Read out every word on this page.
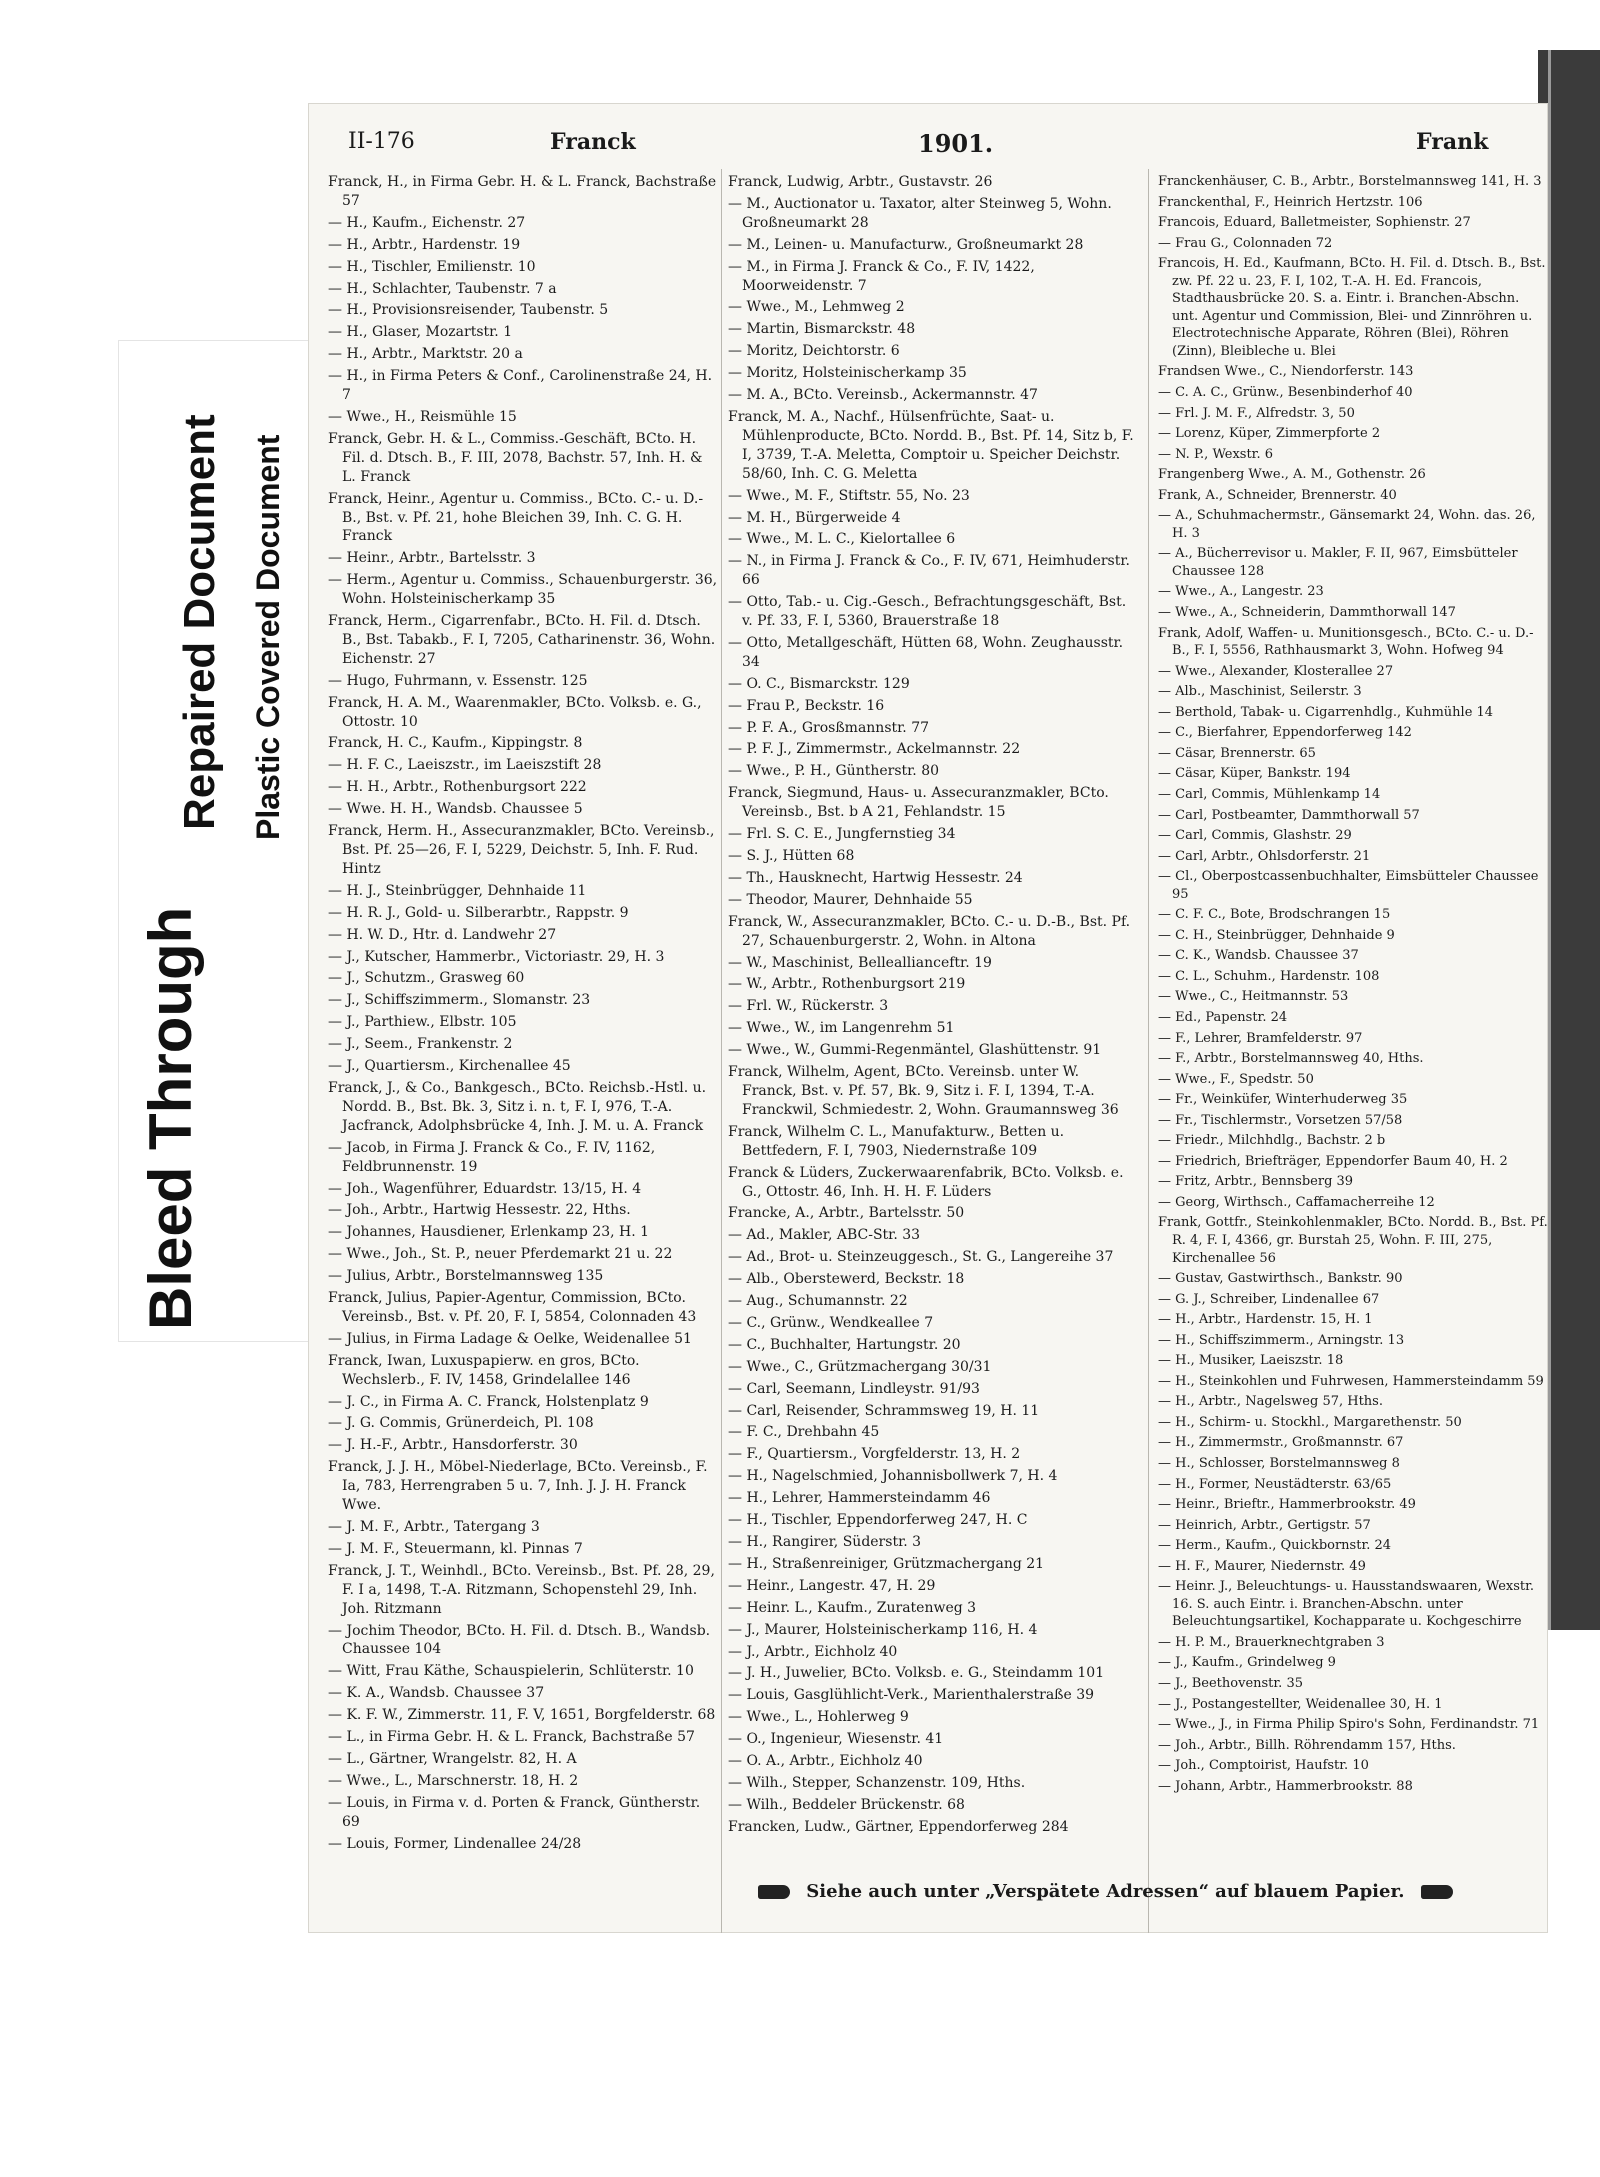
Bleed Through
Repaired Document Plastic Covered Document
II-176	Franck	1901.	Frank
Franck, H., in Firma Gebr. H. & L. Franck, Bachstraße 57
— H., Kaufm., Eichenstr. 27
— H., Arbtr., Hardenstr. 19
— H., Tischler, Emilienstr. 10
— H., Schlachter, Taubenstr. 7 a
— H., Provisionsreisender, Taubenstr. 5
— H., Glaser, Mozartstr. 1
— H., Arbtr., Marktstr. 20 a
— H., in Firma Peters & Conf., Carolinenstraße 24, H. 7
— Wwe., H., Reismühle 15
Franck, Gebr. H. & L., Commiss.-Geschäft, BCto. H. Fil. d. Dtsch. B., F. III, 2078, Bachstr. 57, Inh. H. & L. Franck
Franck, Heinr., Agentur u. Commiss., BCto. C.- u. D.-B., Bst. v. Pf. 21, hohe Bleichen 39, Inh. C. G. H. Franck
— Heinr., Arbtr., Bartelsstr. 3
— Herm., Agentur u. Commiss., Schauenburgerstr. 36, Wohn. Holsteinischerkamp 35
Franck, Herm., Cigarrenfabr., BCto. H. Fil. d. Dtsch. B., Bst. Tabakb., F. I, 7205, Catharinenstr. 36, Wohn. Eichenstr. 27
— Hugo, Fuhrmann, v. Essenstr. 125
Franck, H. A. M., Waarenmakler, BCto. Volksb. e. G., Ottostr. 10
Franck, H. C., Kaufm., Kippingstr. 8
— H. F. C., Laeiszstr., im Laeiszstift 28
— H. H., Arbtr., Rothenburgsort 222
— Wwe. H. H., Wandsb. Chaussee 5
Franck, Herm. H., Assecuranzmakler, BCto. Vereinsb., Bst. Pf. 25—26, F. I, 5229, Deichstr. 5, Inh. F. Rud. Hintz
— H. J., Steinbrügger, Dehnhaide 11
— H. R. J., Gold- u. Silberarbtr., Rappstr. 9
— H. W. D., Htr. d. Landwehr 27
— J., Kutscher, Hammerbr., Victoriastr. 29, H. 3
— J., Schutzm., Grasweg 60
— J., Schiffszimmerm., Slomanstr. 23
— J., Parthiew., Elbstr. 105
— J., Seem., Frankenstr. 2
— J., Quartiersm., Kirchenallee 45
Franck, J., & Co., Bankgesch., BCto. Reichsb.-Hstl. u. Nordd. B., Bst. Bk. 3, Sitz i. n. t, F. I, 976, T.-A. Jacfranck, Adolphsbrücke 4, Inh. J. M. u. A. Franck
— Jacob, in Firma J. Franck & Co., F. IV, 1162, Feldbrunnenstr. 19
— Joh., Wagenführer, Eduardstr. 13/15, H. 4
— Joh., Arbtr., Hartwig Hessestr. 22, Hths.
— Johannes, Hausdiener, Erlenkamp 23, H. 1
— Wwe., Joh., St. P., neuer Pferdemarkt 21 u. 22
— Julius, Arbtr., Borstelmannsweg 135
Franck, Julius, Papier-Agentur, Commission, BCto. Vereinsb., Bst. v. Pf. 20, F. I, 5854, Colonnaden 43
— Julius, in Firma Ladage & Oelke, Weidenallee 51
Franck, Iwan, Luxuspapierw. en gros, BCto. Wechslerb., F. IV, 1458, Grindelallee 146
— J. C., in Firma A. C. Franck, Holstenplatz 9
— J. G. Commis, Grünerdeich, Pl. 108
— J. H.-F., Arbtr., Hansdorferstr. 30
Franck, J. J. H., Möbel-Niederlage, BCto. Vereinsb., F. Ia, 783, Herrengraben 5 u. 7, Inh. J. J. H. Franck Wwe.
— J. M. F., Arbtr., Tatergang 3
— J. M. F., Steuermann, kl. Pinnas 7
Franck, J. T., Weinhdl., BCto. Vereinsb., Bst. Pf. 28, 29, F. I a, 1498, T.-A. Ritzmann, Schopenstehl 29, Inh. Joh. Ritzmann
— Jochim Theodor, BCto. H. Fil. d. Dtsch. B., Wandsb. Chaussee 104
— Witt, Frau Käthe, Schauspielerin, Schlüterstr. 10
— K. A., Wandsb. Chaussee 37
— K. F. W., Zimmerstr. 11, F. V, 1651, Borgfelderstr. 68
— L., in Firma Gebr. H. & L. Franck, Bachstraße 57
— L., Gärtner, Wrangelstr. 82, H. A
— Wwe., L., Marschnerstr. 18, H. 2
— Louis, in Firma v. d. Porten & Franck, Güntherstr. 69
— Louis, Former, Lindenallee 24/28
Franck, Ludwig, Arbtr., Gustavstr. 26
— M., Auctionator u. Taxator, alter Steinweg 5, Wohn. Großneumarkt 28
— M., Leinen- u. Manufacturw., Großneumarkt 28
— M., in Firma J. Franck & Co., F. IV, 1422, Moorweidenstr. 7
— Wwe., M., Lehmweg 2
— Martin, Bismarckstr. 48
— Moritz, Deichtorstr. 6
— Moritz, Holsteinischerkamp 35
— M. A., BCto. Vereinsb., Ackermannstr. 47
Franck, M. A., Nachf., Hülsenfrüchte, Saat- u. Mühlenproducte, BCto. Nordd. B., Bst. Pf. 14, Sitz b, F. I, 3739, T.-A. Meletta, Comptoir u. Speicher Deichstr. 58/60, Inh. C. G. Meletta
— Wwe., M. F., Stiftstr. 55, No. 23
— M. H., Bürgerweide 4
— Wwe., M. L. C., Kielortallee 6
— N., in Firma J. Franck & Co., F. IV, 671, Heimhuderstr. 66
— Otto, Tab.- u. Cig.-Gesch., Befrachtungsgeschäft, Bst. v. Pf. 33, F. I, 5360, Brauerstraße 18
— Otto, Metallgeschäft, Hütten 68, Wohn. Zeughausstr. 34
— O. C., Bismarckstr. 129
— Frau P., Beckstr. 16
— P. F. A., Grosßmannstr. 77
— P. F. J., Zimmermstr., Ackelmannstr. 22
— Wwe., P. H., Güntherstr. 80
Franck, Siegmund, Haus- u. Assecuranzmakler, BCto. Vereinsb., Bst. b A 21, Fehlandstr. 15
— Frl. S. C. E., Jungfernstieg 34
— S. J., Hütten 68
— Th., Hausknecht, Hartwig Hessestr. 24
— Theodor, Maurer, Dehnhaide 55
Franck, W., Assecuranzmakler, BCto. C.- u. D.-B., Bst. Pf. 27, Schauenburgerstr. 2, Wohn. in Altona
— W., Maschinist, Belleallianceftr. 19
— W., Arbtr., Rothenburgsort 219
— Frl. W., Rückerstr. 3
— Wwe., W., im Langenrehm 51
— Wwe., W., Gummi-Regenmäntel, Glashüttenstr. 91
Franck, Wilhelm, Agent, BCto. Vereinsb. unter W. Franck, Bst. v. Pf. 57, Bk. 9, Sitz i. F. I, 1394, T.-A. Franckwil, Schmiedestr. 2, Wohn. Graumannsweg 36
Franck, Wilhelm C. L., Manufakturw., Betten u. Bettfedern, F. I, 7903, Niedernstraße 109
Franck & Lüders, Zuckerwaarenfabrik, BCto. Volksb. e. G., Ottostr. 46, Inh. H. H. F. Lüders
Francke, A., Arbtr., Bartelsstr. 50
— Ad., Makler, ABC-Str. 33
— Ad., Brot- u. Steinzeuggesch., St. G., Langereihe 37
— Alb., Oberstewerd, Beckstr. 18
— Aug., Schumannstr. 22
— C., Grünw., Wendkeallee 7
— C., Buchhalter, Hartungstr. 20
— Wwe., C., Grützmachergang 30/31
— Carl, Seemann, Lindleystr. 91/93
— Carl, Reisender, Schrammsweg 19, H. 11
— F. C., Drehbahn 45
— F., Quartiersm., Vorgfelderstr. 13, H. 2
— H., Nagelschmied, Johannisbollwerk 7, H. 4
— H., Lehrer, Hammersteindamm 46
— H., Tischler, Eppendorferweg 247, H. C
— H., Rangirer, Süderstr. 3
— H., Straßenreiniger, Grützmachergang 21
— Heinr., Langestr. 47, H. 29
— Heinr. L., Kaufm., Zuratenweg 3
— J., Maurer, Holsteinischerkamp 116, H. 4
— J., Arbtr., Eichholz 40
— J. H., Juwelier, BCto. Volksb. e. G., Steindamm 101
— Louis, Gasglühlicht-Verk., Marienthalerstraße 39
— Wwe., L., Hohlerweg 9
— O., Ingenieur, Wiesenstr. 41
— O. A., Arbtr., Eichholz 40
— Wilh., Stepper, Schanzenstr. 109, Hths.
— Wilh., Beddeler Brückenstr. 68
Francken, Ludw., Gärtner, Eppendorferweg 284
Franckenhäuser, C. B., Arbtr., Borstelmannsweg 141, H. 3
Franckenthal, F., Heinrich Hertzstr. 106
Francois, Eduard, Balletmeister, Sophienstr. 27
— Frau G., Colonnaden 72
Francois, H. Ed., Kaufmann, BCto. H. Fil. d. Dtsch. B., Bst. zw. Pf. 22 u. 23, F. I, 102, T.-A. H. Ed. Francois, Stadthausbrücke 20. S. a. Eintr. i. Branchen-Abschn. unt. Agentur und Commission, Blei- und Zinnröhren u. Electrotechnische Apparate, Röhren (Blei), Röhren (Zinn), Bleibleche u. Blei
Frandsen Wwe., C., Niendorferstr. 143
— C. A. C., Grünw., Besenbinderhof 40
— Frl. J. M. F., Alfredstr. 3, 50
— Lorenz, Küper, Zimmerpforte 2
— N. P., Wexstr. 6
Frangenberg Wwe., A. M., Gothenstr. 26
Frank, A., Schneider, Brennerstr. 40
— A., Schuhmachermstr., Gänsemarkt 24, Wohn. das. 26, H. 3
— A., Bücherrevisor u. Makler, F. II, 967, Eimsbütteler Chaussee 128
— Wwe., A., Langestr. 23
— Wwe., A., Schneiderin, Dammthorwall 147
Frank, Adolf, Waffen- u. Munitionsgesch., BCto. C.- u. D.-B., F. I, 5556, Rathhausmarkt 3, Wohn. Hofweg 94
— Wwe., Alexander, Klosterallee 27
— Alb., Maschinist, Seilerstr. 3
— Berthold, Tabak- u. Cigarrenhdlg., Kuhmühle 14
— C., Bierfahrer, Eppendorferweg 142
— Cäsar, Brennerstr. 65
— Cäsar, Küper, Bankstr. 194
— Carl, Commis, Mühlenkamp 14
— Carl, Postbeamter, Dammthorwall 57
— Carl, Commis, Glashstr. 29
— Carl, Arbtr., Ohlsdorferstr. 21
— Cl., Oberpostcassenbuchhalter, Eimsbütteler Chaussee 95
— C. F. C., Bote, Brodschrangen 15
— C. H., Steinbrügger, Dehnhaide 9
— C. K., Wandsb. Chaussee 37
— C. L., Schuhm., Hardenstr. 108
— Wwe., C., Heitmannstr. 53
— Ed., Papenstr. 24
— F., Lehrer, Bramfelderstr. 97
— F., Arbtr., Borstelmannsweg 40, Hths.
— Wwe., F., Spedstr. 50
— Fr., Weinküfer, Winterhuderweg 35
— Fr., Tischlermstr., Vorsetzen 57/58
— Friedr., Milchhdlg., Bachstr. 2 b
— Friedrich, Briefträger, Eppendorfer Baum 40, H. 2
— Fritz, Arbtr., Bennsberg 39
— Georg, Wirthsch., Caffamacherreihe 12
Frank, Gottfr., Steinkohlenmakler, BCto. Nordd. B., Bst. Pf. R. 4, F. I, 4366, gr. Burstah 25, Wohn. F. III, 275, Kirchenallee 56
— Gustav, Gastwirthsch., Bankstr. 90
— G. J., Schreiber, Lindenallee 67
— H., Arbtr., Hardenstr. 15, H. 1
— H., Schiffszimmerm., Arningstr. 13
— H., Musiker, Laeiszstr. 18
— H., Steinkohlen und Fuhrwesen, Hammersteindamm 59
— H., Arbtr., Nagelsweg 57, Hths.
— H., Schirm- u. Stockhl., Margarethenstr. 50
— H., Zimmermstr., Großmannstr. 67
— H., Schlosser, Borstelmannsweg 8
— H., Former, Neustädterstr. 63/65
— Heinr., Brieftr., Hammerbrookstr. 49
— Heinrich, Arbtr., Gertigstr. 57
— Herm., Kaufm., Quickbornstr. 24
— H. F., Maurer, Niedernstr. 49
— Heinr. J., Beleuchtungs- u. Hausstandswaaren, Wexstr. 16. S. auch Eintr. i. Branchen-Abschn. unter Beleuchtungsartikel, Kochapparate u. Kochgeschirre
— H. P. M., Brauerknechtgraben 3
— J., Kaufm., Grindelweg 9
— J., Beethovenstr. 35
— J., Postangestellter, Weidenallee 30, H. 1
— Wwe., J., in Firma Philip Spiro's Sohn, Ferdinandstr. 71
— Joh., Arbtr., Billh. Röhrendamm 157, Hths.
— Joh., Comptoirist, Haufstr. 10
— Johann, Arbtr., Hammerbrookstr. 88
Siehe auch unter „Verspätete Adressen“ auf blauem Papier.
